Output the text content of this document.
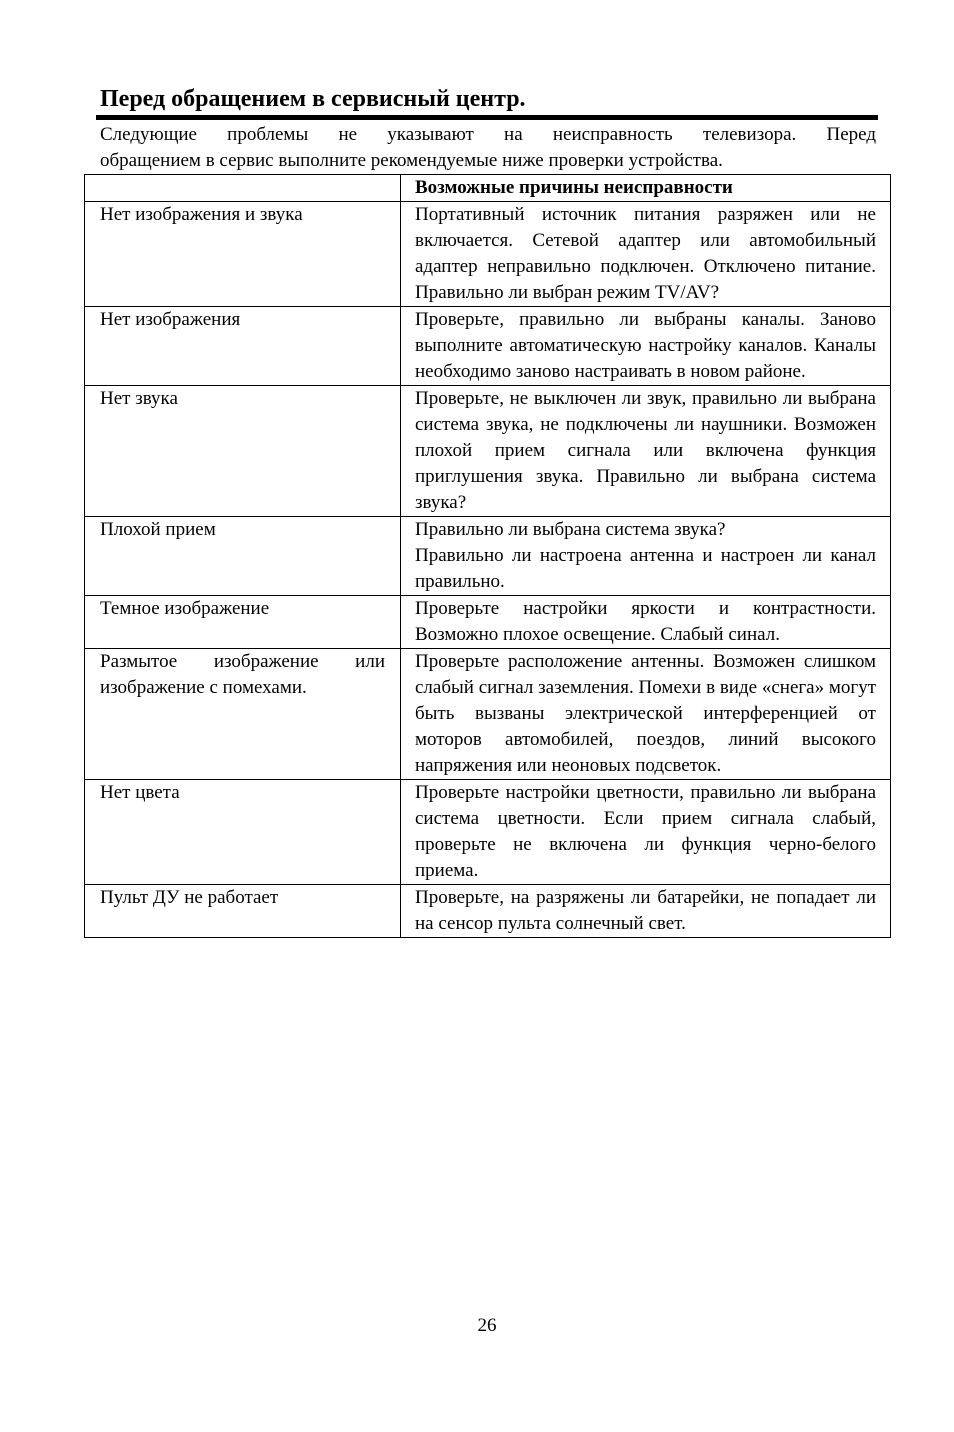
Перед обращением в сервисный центр.

Следующие проблемы не указывают на неисправность телевизора. Перед
обращением в сервис выполните рекомендуемые ниже проверки устройства.

	Возможные причины неисправности
Нет изображения и звука	Портативный источник питания разряжен или не включается. Сетевой адаптер или автомобильный адаптер неправильно подключен. Отключено питание. Правильно ли выбран режим TV/AV?

Нет изображения	Проверьте, правильно ли выбраны каналы. Заново выполните автоматическую настройку каналов. Каналы необходимо заново настраивать в новом районе.

Нет звука	Проверьте, не выключен ли звук, правильно ли выбрана система звука, не подключены ли наушники. Возможен плохой прием сигнала или включена функция приглушения звука. Правильно ли выбрана система звука?

Плохой прием	Правильно ли выбрана система звука?
Правильно ли настроена антенна и настроен ли канал правильно.

Темное изображение	Проверьте настройки яркости и контрастности. Возможно плохое освещение. Слабый синал.

Размытое изображение или изображение с помехами.	Проверьте расположение антенны. Возможен слишком слабый сигнал заземления. Помехи в виде «снега» могут быть вызваны электрической интерференцией от моторов автомобилей, поездов, линий высокого напряжения или неоновых подсветок.

Нет цвета	Проверьте настройки цветности, правильно ли выбрана система цветности. Если прием сигнала слабый, проверьте не включена ли функция черно-белого приема.

Пульт ДУ не работает	Проверьте, на разряжены ли батарейки, не попадает ли на сенсор пульта солнечный свет.
26
